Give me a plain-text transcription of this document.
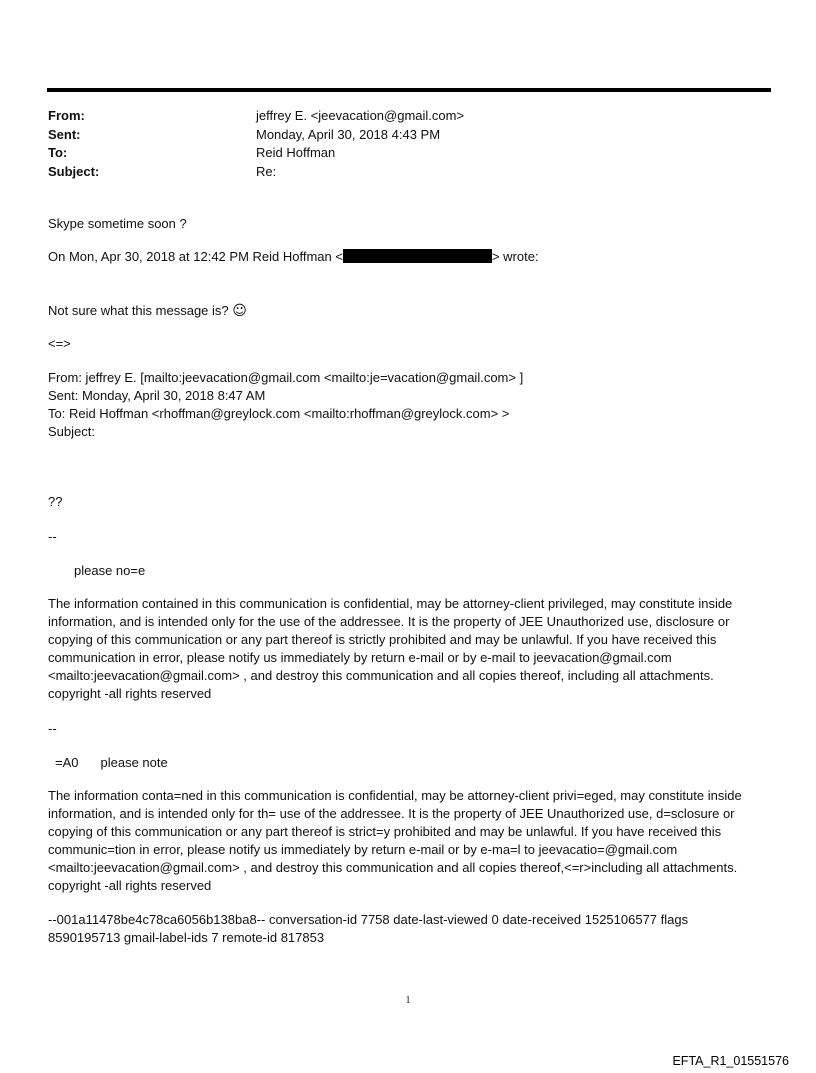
From:	jeffrey E. <jeevacation@gmail.com>
Sent:	Monday, April 30, 2018 4:43 PM
To:	Reid Hoffman
Subject:	Re:

Skype sometime soon ?

On Mon, Apr 30, 2018 at 12:42 PM Reid Hoffman <	> wrote:

Not sure what this message is? ☺

<=>

From: jeffrey E. [mailto:jeevacation@gmail.com <mailto:je=vacation@gmail.com> ]

Sent: Monday, April 30, 2018 8:47 AM

To: Reid Hoffman <rhoffman@greylock.com <mailto:rhoffman@greylock.com> >

Subject:

??

--

please no=e

The information contained in this communication is confidential, may be attorney-client privileged, may constitute inside information, and is intended only for the use of the addressee. It is the property of JEE Unauthorized use, disclosure or copying of this communication or any part thereof is strictly prohibited and may be unlawful. If you have received this communication in error, please notify us immediately by return e-mail or by e-mail to jeevacation@gmail.com <mailto:jeevacation@gmail.com> , and destroy this communication and all copies thereof, including all attachments. copyright -all rights reserved

--

=A0 please note

The information conta=ned in this communication is confidential, may be attorney-client privi=eged, may constitute inside information, and is intended only for th= use of the addressee. It is the property of JEE Unauthorized use, d=sclosure or copying of this communication or any part thereof is strict=y prohibited and may be unlawful. If you have received this communic=tion in error, please notify us immediately by return e-mail or by e-ma=l to jeevacatio=@gmail.com <mailto:jeevacation@gmail.com> , and destroy this communication and all copies thereof,<=r>including all attachments. copyright -all rights reserved

--001a11478be4c78ca6056b138ba8-- conversation-id 7758 date-last-viewed 0 date-received 1525106577 flags 8590195713 gmail-label-ids 7 remote-id 817853

1
EFTA_R1_01551576
